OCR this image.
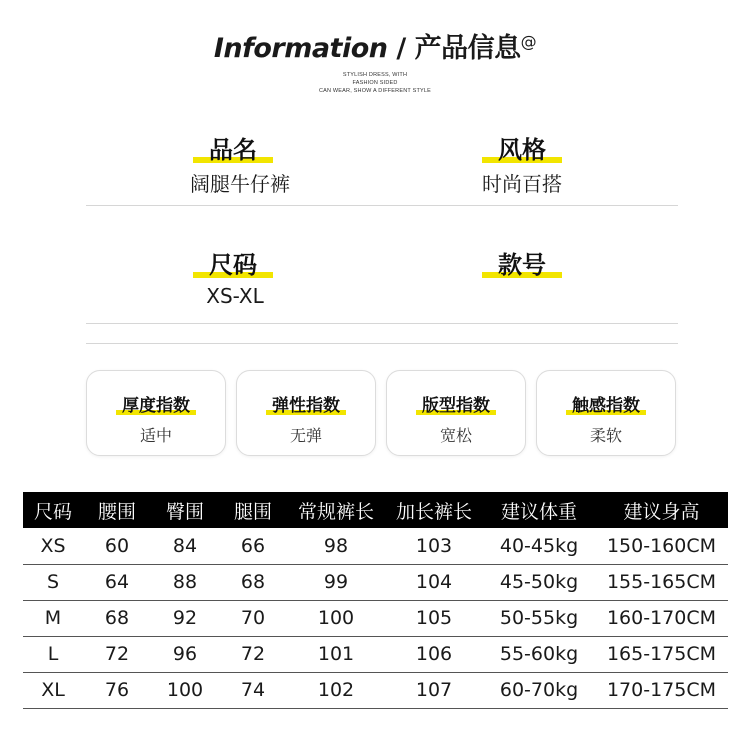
Information / 产品信息@
STYLISH DRESS, WITH
FASHION SIDED
CAN WEAR, SHOW A DIFFERENT STYLE
品名
阔腿牛仔裤
风格
时尚百搭
尺码
XS-XL
款号
厚度指数
适中
弹性指数
无弹
版型指数
宽松
触感指数
柔软
尺码	腰围	臀围	腿围	常规裤长	加长裤长	建议体重	建议身高
XS	60	84	66	98	103	40-45kg	150-160CM
S	64	88	68	99	104	45-50kg	155-165CM
M	68	92	70	100	105	50-55kg	160-170CM
L	72	96	72	101	106	55-60kg	165-175CM
XL	76	100	74	102	107	60-70kg	170-175CM
